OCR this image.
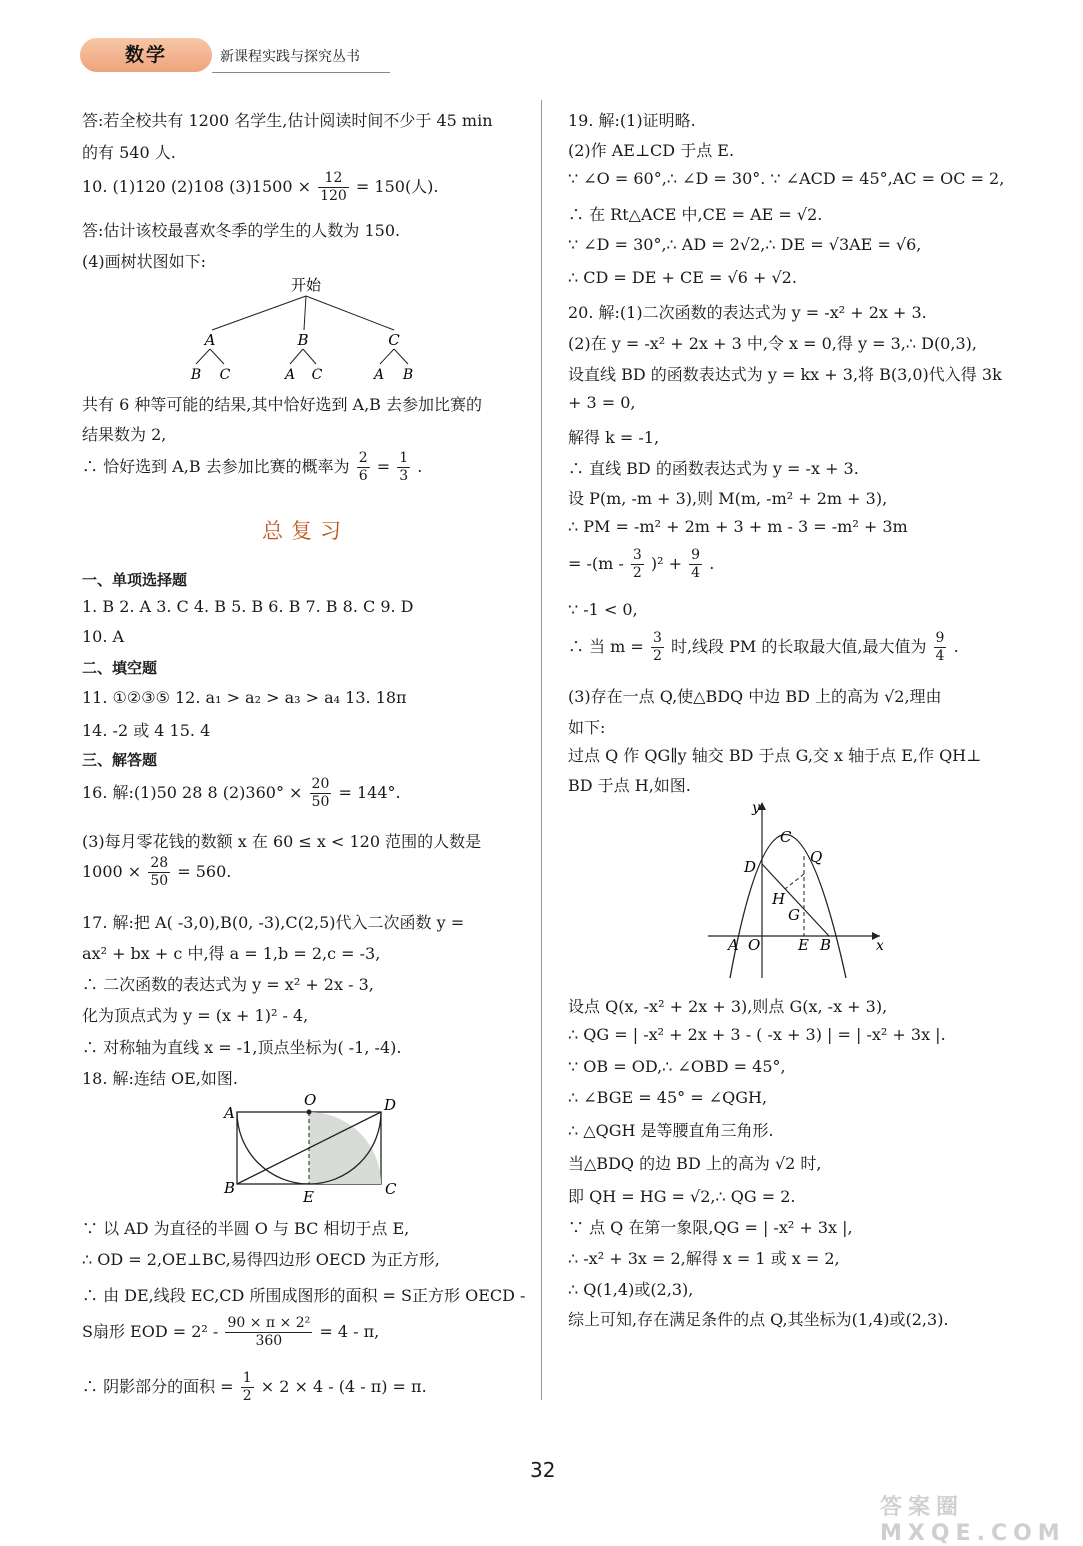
数学	新课程实践与探究丛书
答:若全校共有 1200 名学生,估计阅读时间不少于 45 min
的有 540 人.
10. (1)120 (2)108 $(3)1500 \times \frac{12}{120} = 150$(人).
答:估计该校最喜欢冬季的学生的人数为 150.
(4)画树状图如下:
开始
A	B	C
B C	A C	A B
共有 6 种等可能的结果,其中恰好选到 A,B 去参加比赛的
结果数为 2,
∴ 恰好选到 A,B 去参加比赛的概率为 $\frac{2}{6} = \frac{1}{3}$ .
总复习
一、单项选择题
1. B 2. A 3. C 4. B 5. B 6. B 7. B 8. C 9. D
10. A
二、填空题
11. ①②③⑤ 12. a₁ > a₂ > a₃ > a₄ 13. 18π
14. -2 或 4 15. 4
三、解答题
16. 解:(1)50 28 8 $(2)360^\circ \times \frac{20}{50} = 144^\circ$.
(3)每月零花钱的数额 x 在 60 ≤ x < 120 范围的人数是
$1000 \times \frac{28}{50} = 560$.
17. 解:把 A( -3,0),B(0, -3),C(2,5)代入二次函数 y =
ax² + bx + c 中,得 a = 1,b = 2,c = -3,
∴ 二次函数的表达式为 y = x² + 2x - 3,
化为顶点式为 y = (x + 1)² - 4,
∴ 对称轴为直线 x = -1,顶点坐标为( -1, -4).
18. 解:连结 OE,如图.
A
O	D
B	E	C
∵ 以 AD 为直径的半圆 O 与 BC 相切于点 E,
∴ OD = 2,OE⊥BC,易得四边形 OECD 为正方形,
∴ 由 DE,线段 EC,CD 所围成图形的面积 = S正方形 OECD -
S扇形 EOD = $2^2 - \frac{\text{90 × π × 2²}}{360} = 4 - \pi$,
∴ 阴影部分的面积 = $\frac{1}{2} \times 2 \times 4 - (4 - \pi) = \pi$.
19. 解:(1)证明略.
(2)作 AE⊥CD 于点 E.
∵ ∠O = 60°,∴ ∠D = 30°. ∵ ∠ACD = 45°,AC = OC = 2,
∴ 在 Rt△ACE 中,CE = AE = √2.
∵ ∠D = 30°,∴ AD = 2√2,∴ DE = √3AE = √6,
∴ CD = DE + CE = √6 + √2.
20. 解:(1)二次函数的表达式为 y = -x² + 2x + 3.
(2)在 y = -x² + 2x + 3 中,令 x = 0,得 y = 3,∴ D(0,3),
设直线 BD 的函数表达式为 y = kx + 3,将 B(3,0)代入得 3k
+ 3 = 0,
解得 k = -1,
∴ 直线 BD 的函数表达式为 y = -x + 3.
设 P(m, -m + 3),则 M(m, -m² + 2m + 3),
∴ PM = -m² + 2m + 3 + m - 3 = -m² + 3m
= $-(m - \frac{3}{2} )^2 + \frac{9}{4}$ .
∵ -1 < 0,
∴ 当 $m = \frac{3}{2}$ 时,线段 PM 的长取最大值,最大值为 $\frac{9}{4}$ .
(3)存在一点 Q,使△BDQ 中边 BD 上的高为 √2,理由
如下:
过点 Q 作 QG∥y 轴交 BD 于点 G,交 x 轴于点 E,作 QH⊥
BD 于点 H,如图.
y
x
C
Q
D
H
G
A O	E B
设点 Q(x, -x² + 2x + 3),则点 G(x, -x + 3),
∴ QG = | -x² + 2x + 3 - ( -x + 3) | = | -x² + 3x |.
∵ OB = OD,∴ ∠OBD = 45°,
∴ ∠BGE = 45° = ∠QGH,
∴ △QGH 是等腰直角三角形.
当△BDQ 的边 BD 上的高为 √2 时,
即 QH = HG = √2,∴ QG = 2.
∵ 点 Q 在第一象限,QG = | -x² + 3x |,
∴ -x² + 3x = 2,解得 x = 1 或 x = 2,
∴ Q(1,4)或(2,3),
综上可知,存在满足条件的点 Q,其坐标为(1,4)或(2,3).
32
答案圈 MXQE.COM
